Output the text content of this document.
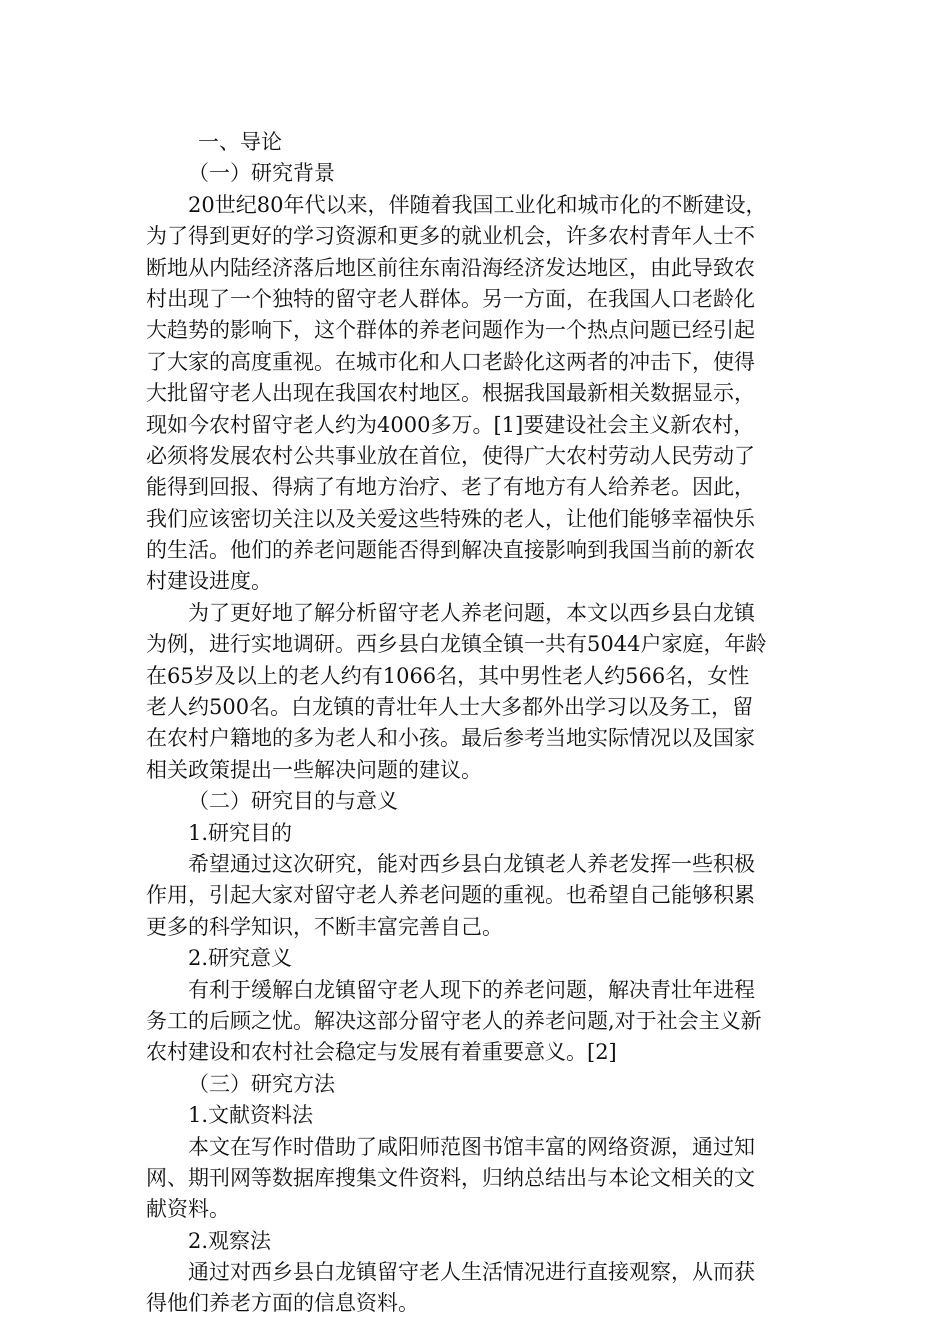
一、导论

（一）研究背景

20世纪80年代以来，伴随着我国工业化和城市化的不断建设，

为了得到更好的学习资源和更多的就业机会，许多农村青年人士不

断地从内陆经济落后地区前往东南沿海经济发达地区，由此导致农

村出现了一个独特的留守老人群体。另一方面，在我国人口老龄化

大趋势的影响下，这个群体的养老问题作为一个热点问题已经引起

了大家的高度重视。在城市化和人口老龄化这两者的冲击下，使得

大批留守老人出现在我国农村地区。根据我国最新相关数据显示，

现如今农村留守老人约为4000多万。[1]要建设社会主义新农村，

必须将发展农村公共事业放在首位，使得广大农村劳动人民劳动了

能得到回报、得病了有地方治疗、老了有地方有人给养老。因此，

我们应该密切关注以及关爱这些特殊的老人，让他们能够幸福快乐

的生活。他们的养老问题能否得到解决直接影响到我国当前的新农

村建设进度。

为了更好地了解分析留守老人养老问题，本文以西乡县白龙镇

为例，进行实地调研。西乡县白龙镇全镇一共有5044户家庭，年龄

在65岁及以上的老人约有1066名，其中男性老人约566名，女性

老人约500名。白龙镇的青壮年人士大多都外出学习以及务工，留

在农村户籍地的多为老人和小孩。最后参考当地实际情况以及国家

相关政策提出一些解决问题的建议。

（二）研究目的与意义

1.研究目的

希望通过这次研究，能对西乡县白龙镇老人养老发挥一些积极

作用，引起大家对留守老人养老问题的重视。也希望自己能够积累

更多的科学知识，不断丰富完善自己。

2.研究意义

有利于缓解白龙镇留守老人现下的养老问题，解决青壮年进程

务工的后顾之忧。解决这部分留守老人的养老问题,对于社会主义新

农村建设和农村社会稳定与发展有着重要意义。[2]

（三）研究方法

1.文献资料法

本文在写作时借助了咸阳师范图书馆丰富的网络资源，通过知

网、期刊网等数据库搜集文件资料，归纳总结出与本论文相关的文

献资料。

2.观察法

通过对西乡县白龙镇留守老人生活情况进行直接观察，从而获

得他们养老方面的信息资料。
